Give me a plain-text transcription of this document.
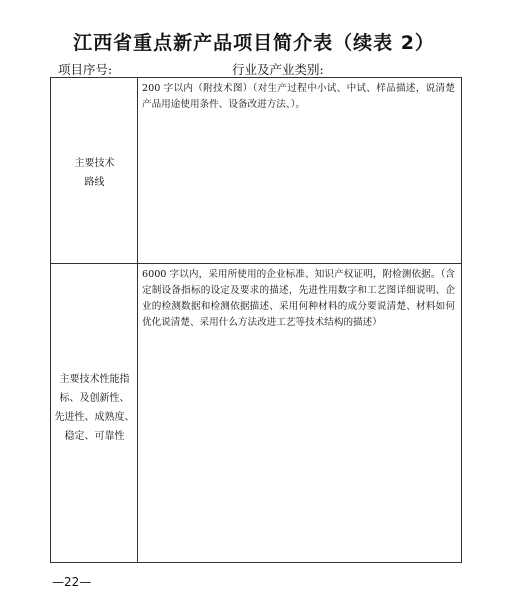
江西省重点新产品项目简介表（续表 2）
项目序号:	行业及产业类别:
主要技术
路线
200 字以内（附技术图）（对生产过程中小试、中试、样品描述，说清楚产品用途使用条件、设备改进方法、）。
主要技术性能指
标、及创新性、
先进性、成熟度、
稳定、可靠性
6000 字以内，采用所使用的企业标准、知识产权证明，附检测依据。（含定制设备指标的设定及要求的描述，先进性用数字和工艺图详细说明、企业的检测数据和检测依据描述、采用何种材料的成分要说清楚、材料如何优化说清楚、采用什么方法改进工艺等技术结构的描述）
—22—
